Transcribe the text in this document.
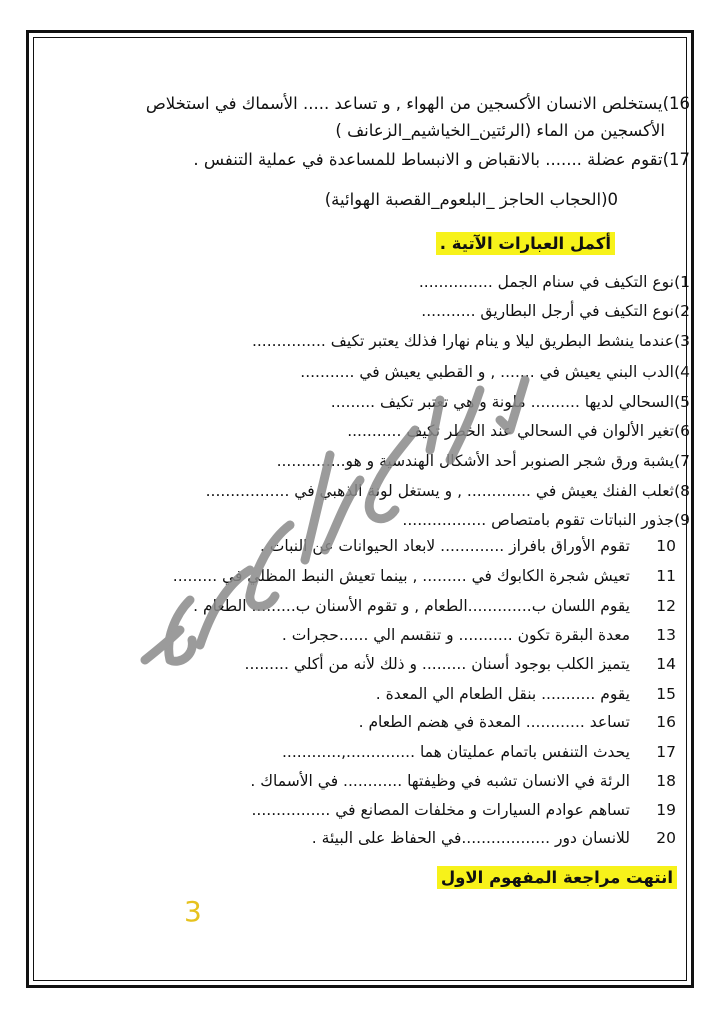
16)يستخلص الانسان الأكسجين من الهواء , و تساعد ..... الأسماك في استخلاص
الأكسجين من الماء (الرئتين_الخياشيم_الزعانف )
17)تقوم عضلة ....... بالانقباض و الانبساط للمساعدة في عملية التنفس .
0(الحجاب الحاجز _البلعوم_القصبة الهوائية)
أكمل العبارات الآتية .
1)
نوع التكيف في سنام الجمل ...............
2)
نوع التكيف في أرجل البطاريق ...........
3)
عندما ينشط البطريق ليلا و ينام نهارا فذلك يعتبر تكيف ...............
4)
الدب البني يعيش في ....... , و القطبي يعيش في ...........
5)
السحالي لديها .......... ملونة و هي تعتبر تكيف .........
6)
تغير الألوان في السحالي عند الخطر تكيف ...........
7)
يشبة ورق شجر الصنوبر أحد الأشكال الهندسية و هو..............
8)
ثعلب الفنك يعيش في ............. , و يستغل لونة الذهبي في .................
9)
جذور النباتات تقوم بامتصاص .................
10
تقوم الأوراق بافراز ............. لابعاد الحيوانات عن النبات .
11
تعيش شجرة الكابوك في ......... , بينما تعيش النبط المظلي في .........
12
يقوم اللسان ب.............الطعام , و تقوم الأسنان ب......... الطعام .
13
معدة البقرة تكون ........... و تنقسم الي ......حجرات .
14
يتميز الكلب بوجود أسنان ......... و ذلك لأنه من أكلي .........
15
يقوم ........... بنقل الطعام الي المعدة .
16
تساعد ............ المعدة في هضم الطعام .
17
يحدث التنفس باتمام عمليتان هما ..............,............
18
الرئة في الانسان تشبه في وظيفتها ............ في الأسماك .
19
تساهم عوادم السيارات و مخلفات المصانع في ................
20
للانسان دور ..................في الحفاظ على البيئة .
انتهت مراجعة المفهوم الاول
3
